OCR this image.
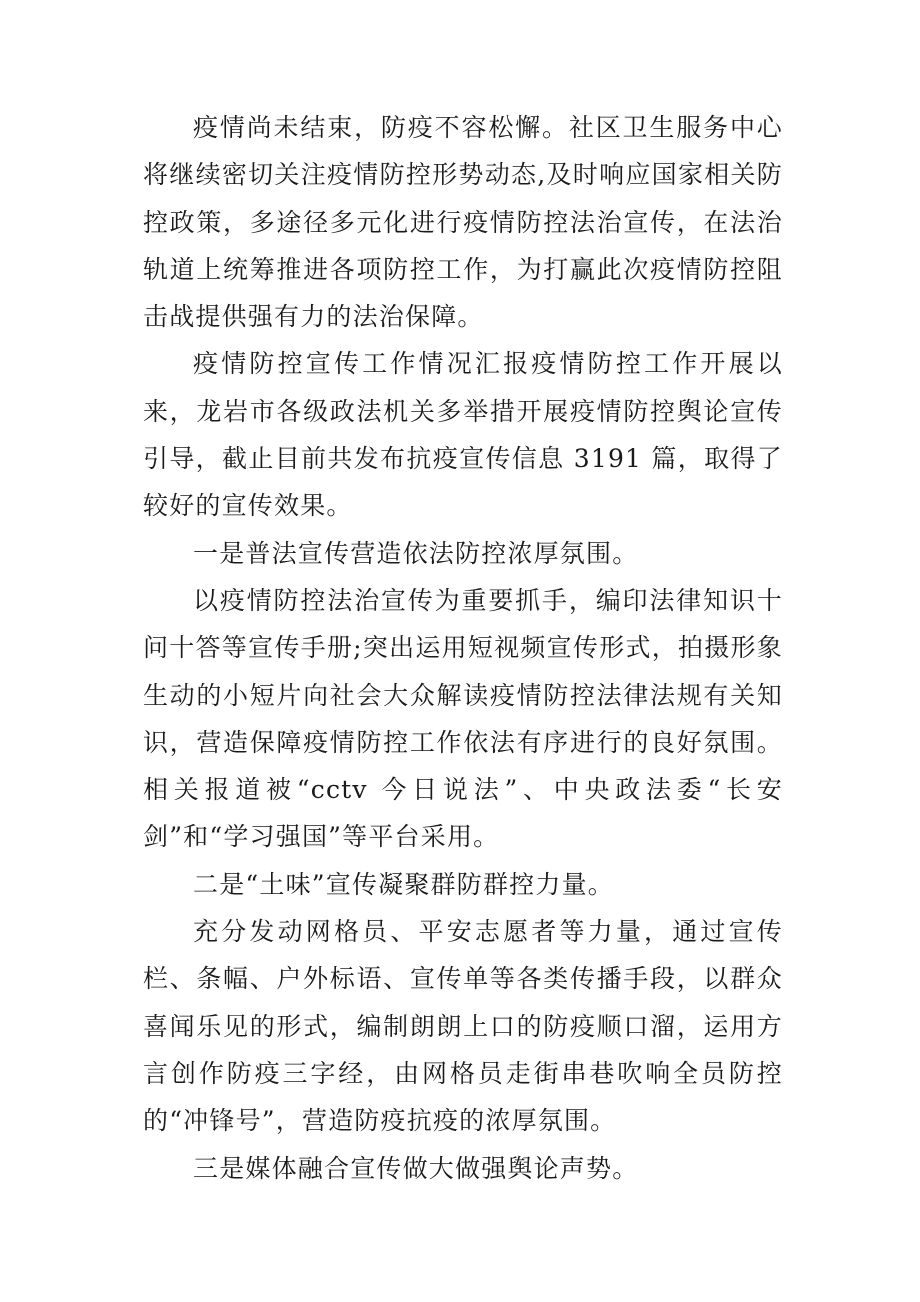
疫情尚未结束，防疫不容松懈。社区卫生服务中心将继续密切关注疫情防控形势动态,及时响应国家相关防控政策，多途径多元化进行疫情防控法治宣传，在法治轨道上统筹推进各项防控工作，为打赢此次疫情防控阻击战提供强有力的法治保障。

疫情防控宣传工作情况汇报疫情防控工作开展以来，龙岩市各级政法机关多举措开展疫情防控舆论宣传引导，截止目前共发布抗疫宣传信息 3191 篇，取得了较好的宣传效果。

一是普法宣传营造依法防控浓厚氛围。

以疫情防控法治宣传为重要抓手，编印法律知识十问十答等宣传手册;突出运用短视频宣传形式，拍摄形象生动的小短片向社会大众解读疫情防控法律法规有关知识，营造保障疫情防控工作依法有序进行的良好氛围。相关报道被“cctv 今日说法”、中央政法委“长安剑”和“学习强国”等平台采用。

二是“土味”宣传凝聚群防群控力量。

充分发动网格员、平安志愿者等力量，通过宣传栏、条幅、户外标语、宣传单等各类传播手段，以群众喜闻乐见的形式，编制朗朗上口的防疫顺口溜，运用方言创作防疫三字经，由网格员走街串巷吹响全员防控的“冲锋号”，营造防疫抗疫的浓厚氛围。

三是媒体融合宣传做大做强舆论声势。
